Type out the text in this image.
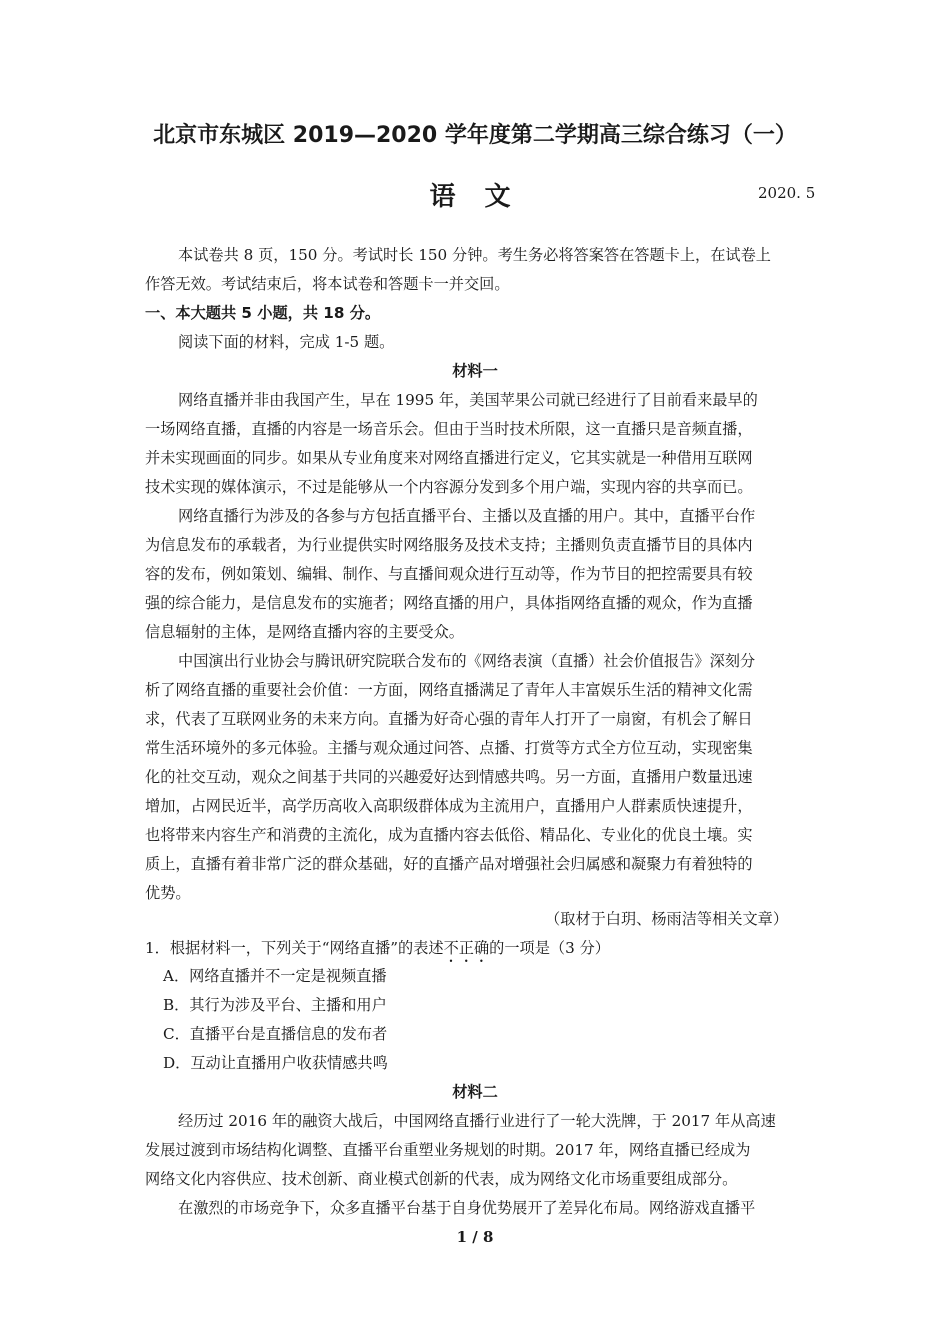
北京市东城区 2019—2020 学年度第二学期高三综合练习（一）
语 文	2020. 5
本试卷共 8 页，150 分。考试时长 150 分钟。考生务必将答案答在答题卡上，在试卷上
作答无效。考试结束后，将本试卷和答题卡一并交回。
一、本大题共 5 小题，共 18 分。
阅读下面的材料，完成 1-5 题。
材料一
网络直播并非由我国产生，早在 1995 年，美国苹果公司就已经进行了目前看来最早的
一场网络直播，直播的内容是一场音乐会。但由于当时技术所限，这一直播只是音频直播，
并未实现画面的同步。如果从专业角度来对网络直播进行定义，它其实就是一种借用互联网
技术实现的媒体演示，不过是能够从一个内容源分发到多个用户端，实现内容的共享而已。
网络直播行为涉及的各参与方包括直播平台、主播以及直播的用户。其中，直播平台作
为信息发布的承载者，为行业提供实时网络服务及技术支持；主播则负责直播节目的具体内
容的发布，例如策划、编辑、制作、与直播间观众进行互动等，作为节目的把控需要具有较
强的综合能力，是信息发布的实施者；网络直播的用户，具体指网络直播的观众，作为直播
信息辐射的主体，是网络直播内容的主要受众。
中国演出行业协会与腾讯研究院联合发布的《网络表演（直播）社会价值报告》深刻分
析了网络直播的重要社会价值：一方面，网络直播满足了青年人丰富娱乐生活的精神文化需
求，代表了互联网业务的未来方向。直播为好奇心强的青年人打开了一扇窗，有机会了解日
常生活环境外的多元体验。主播与观众通过问答、点播、打赏等方式全方位互动，实现密集
化的社交互动，观众之间基于共同的兴趣爱好达到情感共鸣。另一方面，直播用户数量迅速
增加，占网民近半，高学历高收入高职级群体成为主流用户，直播用户人群素质快速提升，
也将带来内容生产和消费的主流化，成为直播内容去低俗、精品化、专业化的优良土壤。实
质上，直播有着非常广泛的群众基础，好的直播产品对增强社会归属感和凝聚力有着独特的
优势。
（取材于白玥、杨雨洁等相关文章）
1．根据材料一，下列关于“网络直播”的表述不正确的一项是（3 分）
A．网络直播并不一定是视频直播
B．其行为涉及平台、主播和用户
C．直播平台是直播信息的发布者
D．互动让直播用户收获情感共鸣
材料二
经历过 2016 年的融资大战后，中国网络直播行业进行了一轮大洗牌，于 2017 年从高速
发展过渡到市场结构化调整、直播平台重塑业务规划的时期。2017 年，网络直播已经成为
网络文化内容供应、技术创新、商业模式创新的代表，成为网络文化市场重要组成部分。
在激烈的市场竞争下，众多直播平台基于自身优势展开了差异化布局。网络游戏直播平
1 / 8
